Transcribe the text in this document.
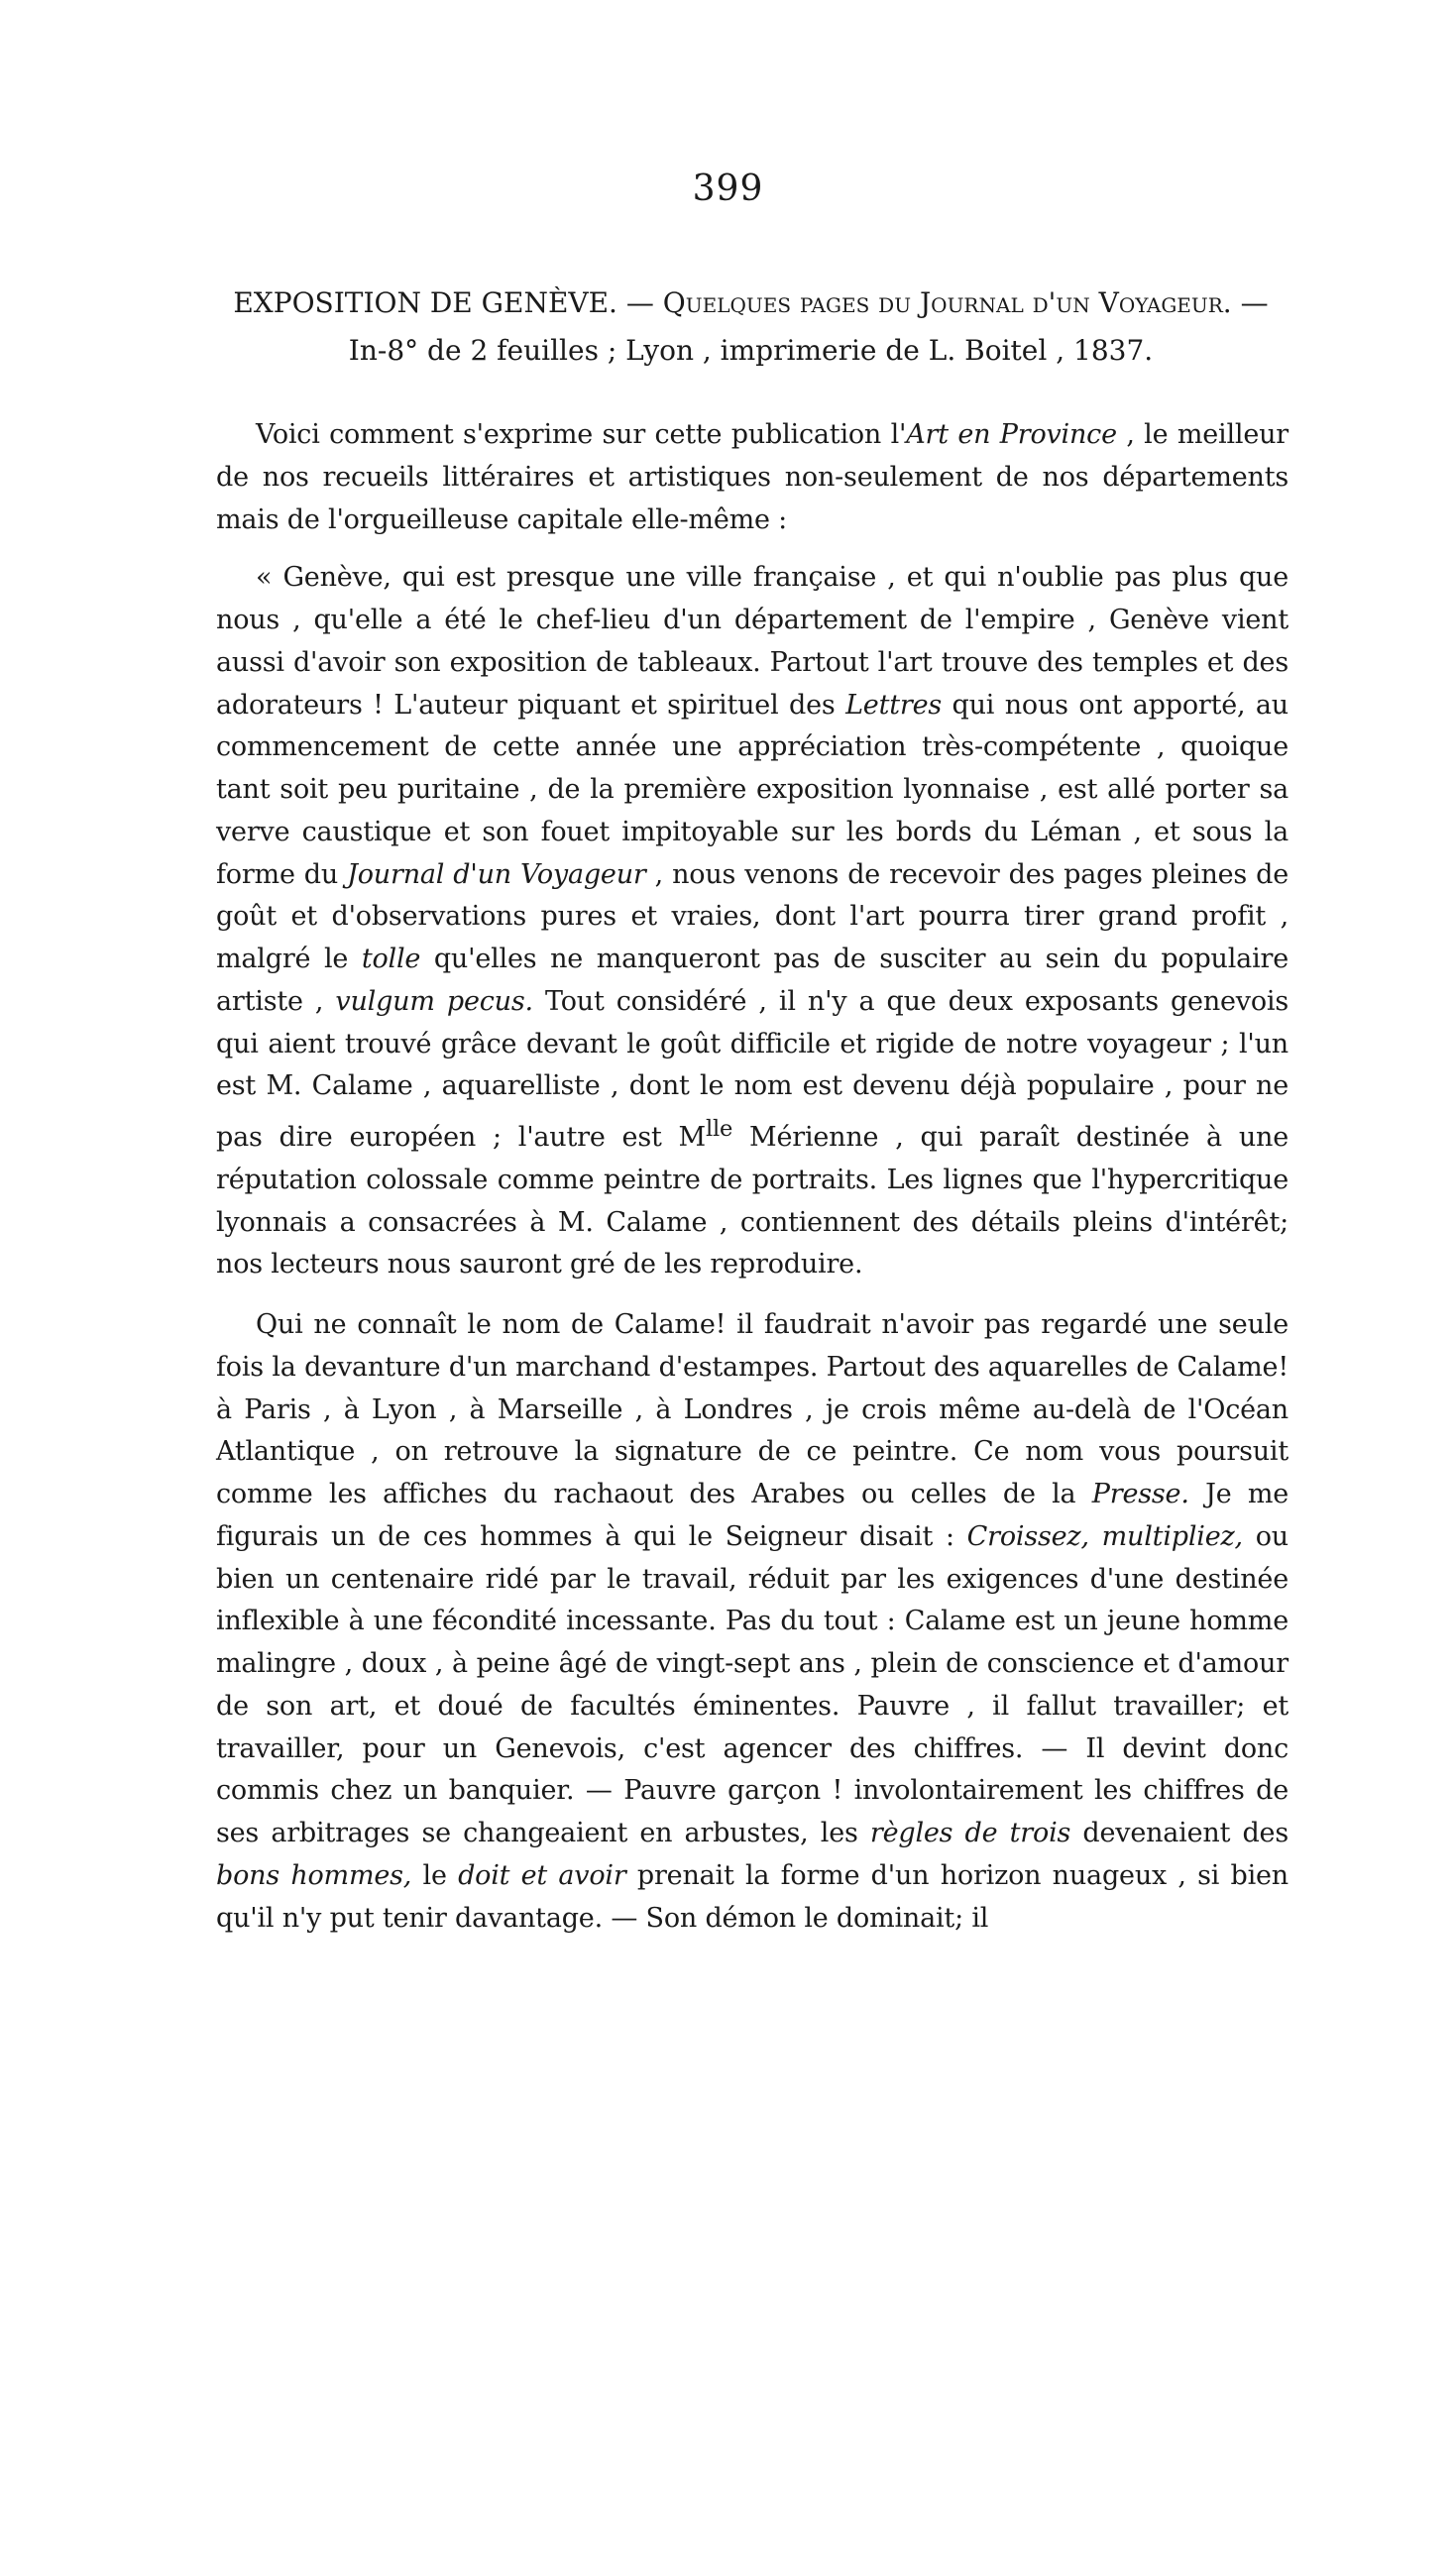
399
EXPOSITION DE GENÈVE. — Quelques pages du Journal d'un Voyageur. —
In-8° de 2 feuilles ; Lyon , imprimerie de L. Boitel , 1837.

Voici comment s'exprime sur cette publication l'Art en Province , le meilleur de nos recueils littéraires et artistiques non-seulement de nos départements mais de l'orgueilleuse capitale elle-même :

« Genève, qui est presque une ville française , et qui n'oublie pas plus que nous , qu'elle a été le chef-lieu d'un département de l'empire , Genève vient aussi d'avoir son exposition de tableaux. Partout l'art trouve des temples et des adorateurs ! L'auteur piquant et spirituel des Lettres qui nous ont apporté, au commencement de cette année une appréciation très-compétente , quoique tant soit peu puritaine , de la première exposition lyonnaise , est allé porter sa verve caustique et son fouet impitoyable sur les bords du Léman , et sous la forme du Journal d'un Voyageur , nous venons de recevoir des pages pleines de goût et d'observations pures et vraies, dont l'art pourra tirer grand profit , malgré le tolle qu'elles ne manqueront pas de susciter au sein du populaire artiste , vulgum pecus. Tout considéré , il n'y a que deux exposants genevois qui aient trouvé grâce devant le goût difficile et rigide de notre voyageur ; l'un est M. Calame , aquarelliste , dont le nom est devenu déjà populaire , pour ne pas dire européen ; l'autre est $M^{lle}$ Mérienne , qui paraît destinée à une réputation colossale comme peintre de portraits. Les lignes que l'hypercritique lyonnais a consacrées à M. Calame , contiennent des détails pleins d'intérêt; nos lecteurs nous sauront gré de les reproduire.

Qui ne connaît le nom de Calame! il faudrait n'avoir pas regardé une seule fois la devanture d'un marchand d'estampes. Partout des aquarelles de Calame! à Paris , à Lyon , à Marseille , à Londres , je crois même au-delà de l'Océan Atlantique , on retrouve la signature de ce peintre. Ce nom vous poursuit comme les affiches du rachaout des Arabes ou celles de la Presse. Je me figurais un de ces hommes à qui le Seigneur disait : Croissez, multipliez, ou bien un centenaire ridé par le travail, réduit par les exigences d'une destinée inflexible à une fécondité incessante. Pas du tout : Calame est un jeune homme malingre , doux , à peine âgé de vingt-sept ans , plein de conscience et d'amour de son art, et doué de facultés éminentes. Pauvre , il fallut travailler; et travailler, pour un Genevois, c'est agencer des chiffres. — Il devint donc commis chez un banquier. — Pauvre garçon ! involontairement les chiffres de ses arbitrages se changeaient en arbustes, les règles de trois devenaient des bons hommes, le doit et avoir prenait la forme d'un horizon nuageux , si bien qu'il n'y put tenir davantage. — Son démon le dominait; il
